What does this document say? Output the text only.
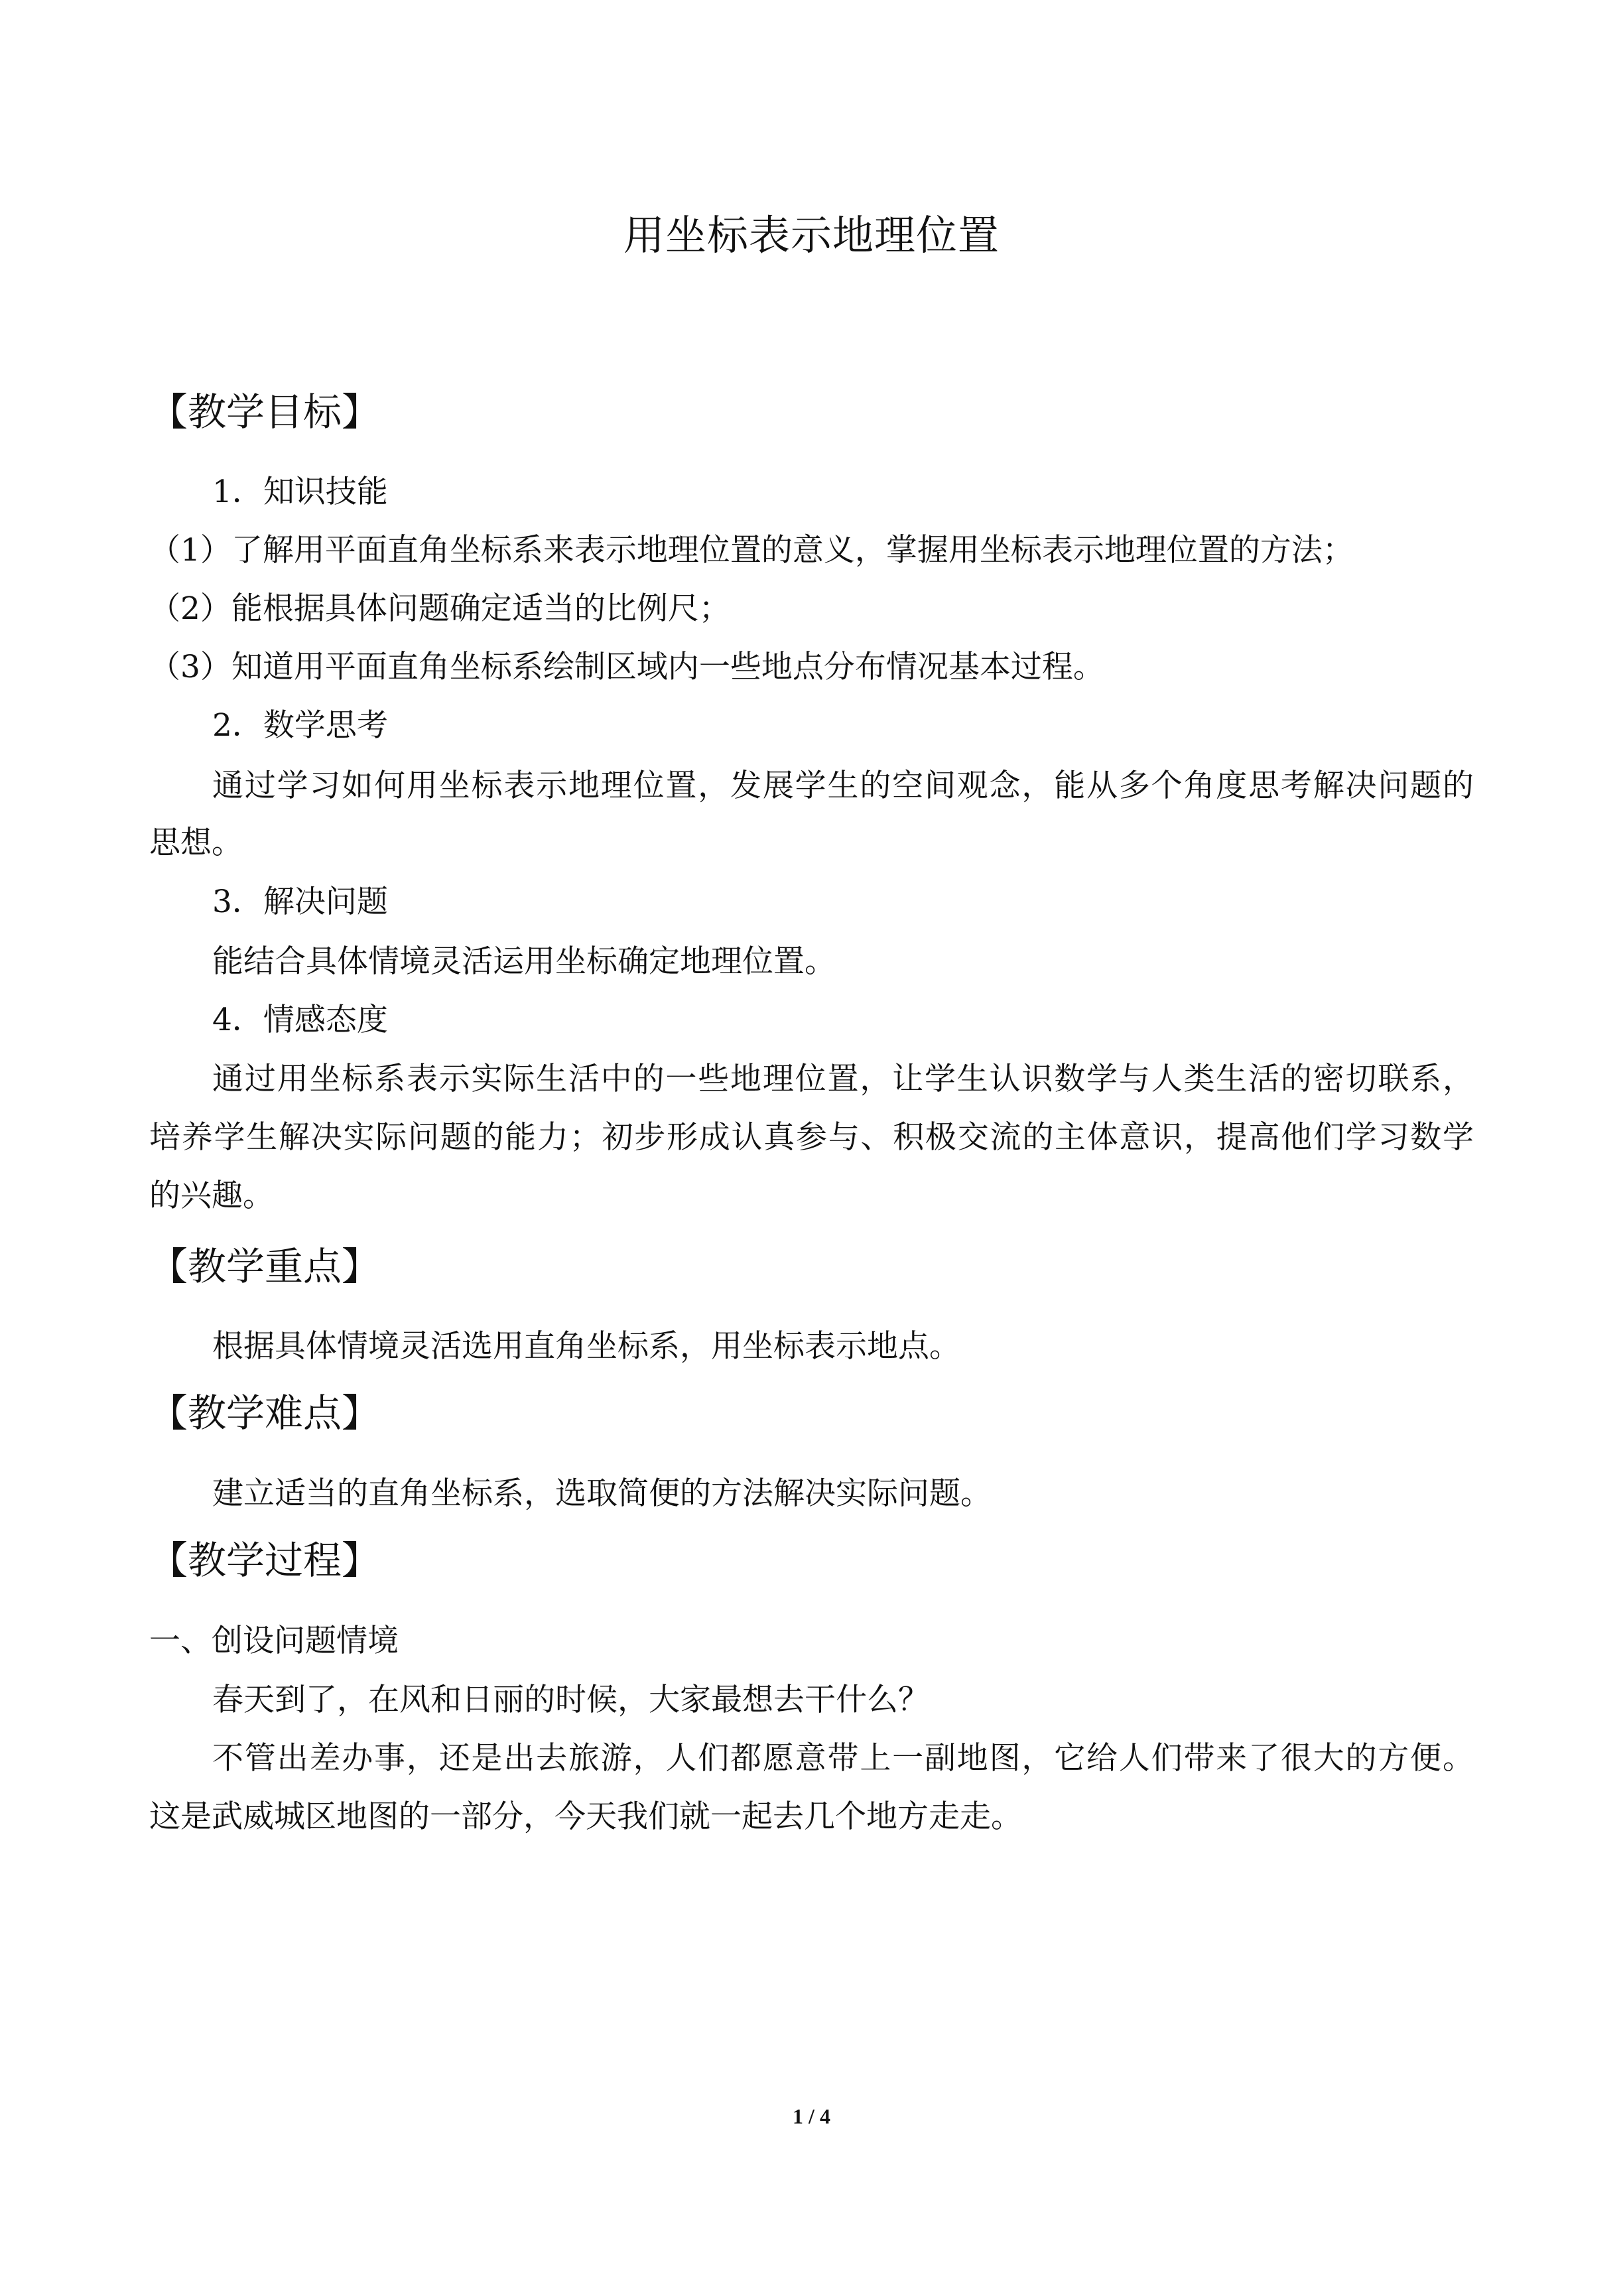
用坐标表示地理位置
【教学目标】
1．知识技能
（1）了解用平面直角坐标系来表示地理位置的意义，掌握用坐标表示地理位置的方法；
（2）能根据具体问题确定适当的比例尺；
（3）知道用平面直角坐标系绘制区域内一些地点分布情况基本过程。
2．数学思考
通过学习如何用坐标表示地理位置，发展学生的空间观念，能从多个角度思考解决问题的
思想。
3．解决问题
能结合具体情境灵活运用坐标确定地理位置。
4．情感态度
通过用坐标系表示实际生活中的一些地理位置，让学生认识数学与人类生活的密切联系，
培养学生解决实际问题的能力；初步形成认真参与、积极交流的主体意识，提高他们学习数学
的兴趣。
【教学重点】
根据具体情境灵活选用直角坐标系，用坐标表示地点。
【教学难点】
建立适当的直角坐标系，选取简便的方法解决实际问题。
【教学过程】
一、创设问题情境
春天到了，在风和日丽的时候，大家最想去干什么？
不管出差办事，还是出去旅游，人们都愿意带上一副地图，它给人们带来了很大的方便。
这是武威城区地图的一部分，今天我们就一起去几个地方走走。
1 / 4
